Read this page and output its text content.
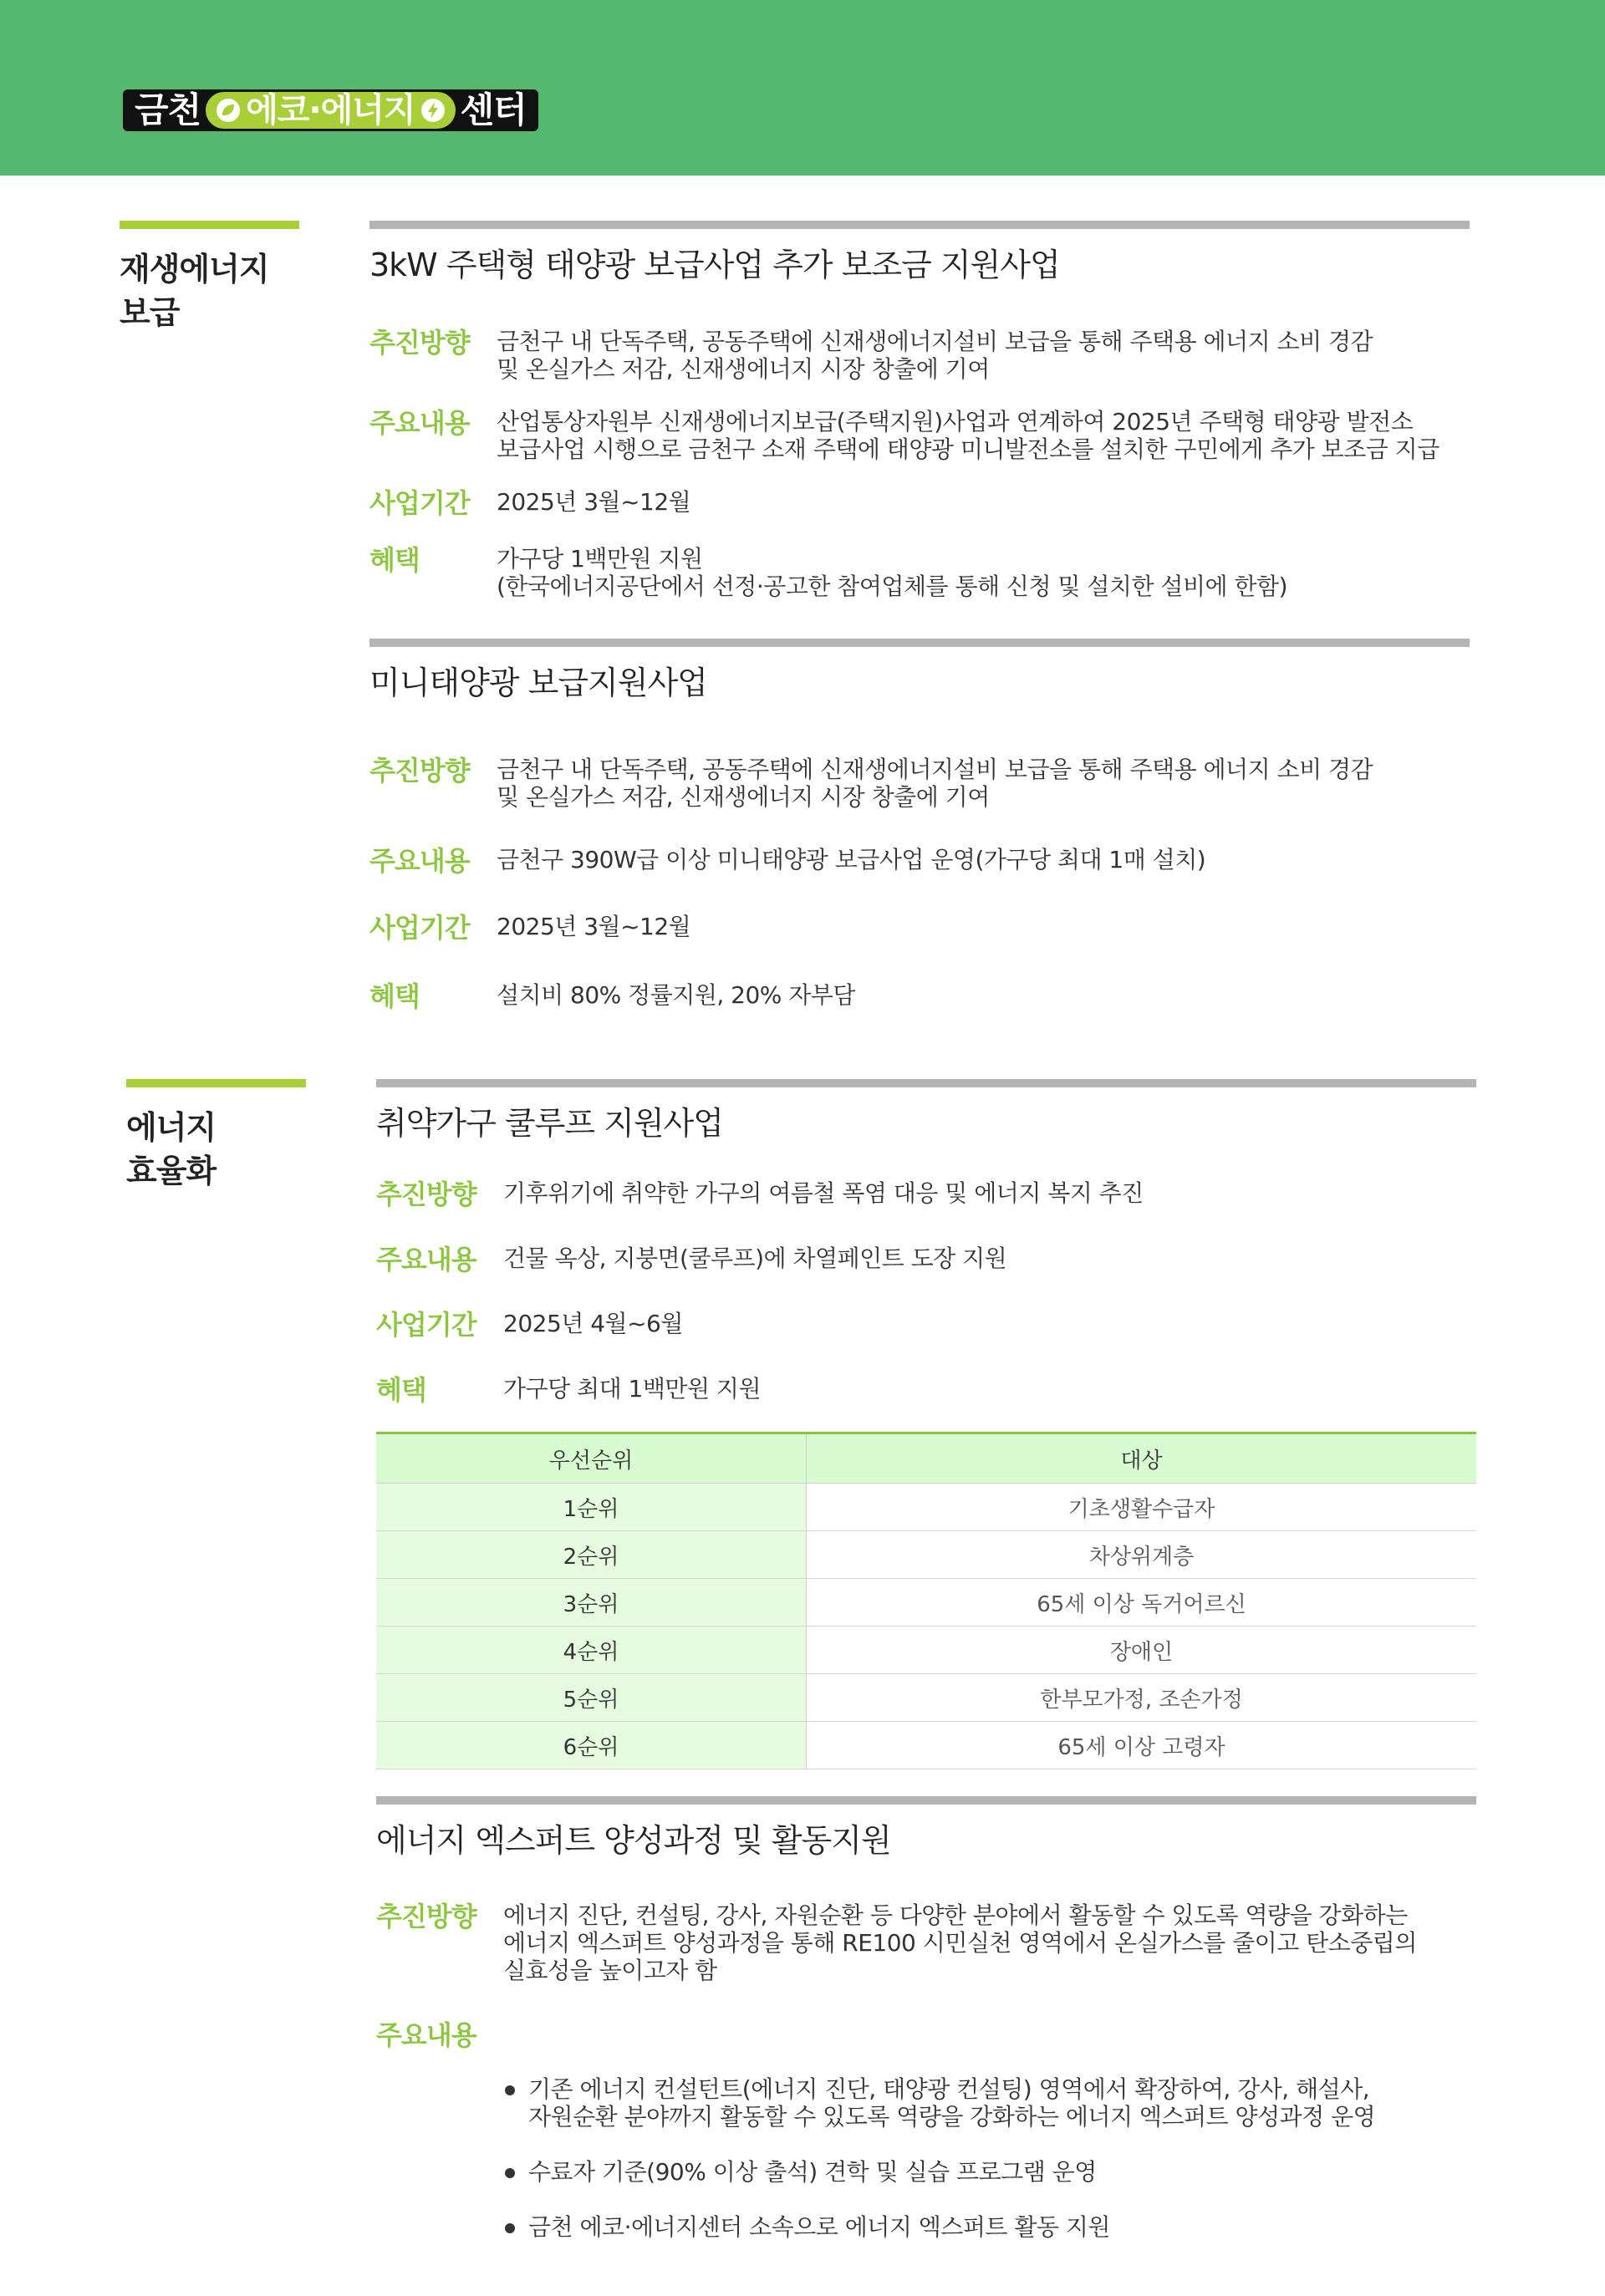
금천 에코·에너지 센터
재생에너지
보급
3kW 주택형 태양광 보급사업 추가 보조금 지원사업
추진방향	금천구 내 단독주택, 공동주택에 신재생에너지설비 보급을 통해 주택용 에너지 소비 경감
및 온실가스 저감, 신재생에너지 시장 창출에 기여
주요내용	산업통상자원부 신재생에너지보급(주택지원)사업과 연계하여 2025년 주택형 태양광 발전소
보급사업 시행으로 금천구 소재 주택에 태양광 미니발전소를 설치한 구민에게 추가 보조금 지급
사업기간	2025년 3월~12월
혜택	가구당 1백만원 지원
(한국에너지공단에서 선정·공고한 참여업체를 통해 신청 및 설치한 설비에 한함)
미니태양광 보급지원사업
추진방향	금천구 내 단독주택, 공동주택에 신재생에너지설비 보급을 통해 주택용 에너지 소비 경감
및 온실가스 저감, 신재생에너지 시장 창출에 기여
주요내용	금천구 390W급 이상 미니태양광 보급사업 운영(가구당 최대 1매 설치)
사업기간	2025년 3월~12월
혜택	설치비 80% 정률지원, 20% 자부담
에너지
효율화
취약가구 쿨루프 지원사업
추진방향	기후위기에 취약한 가구의 여름철 폭염 대응 및 에너지 복지 추진
주요내용	건물 옥상, 지붕면(쿨루프)에 차열페인트 도장 지원
사업기간	2025년 4월~6월
혜택	가구당 최대 1백만원 지원
우선순위	대상
1순위	기초생활수급자
2순위	차상위계층
3순위	65세 이상 독거어르신
4순위	장애인
5순위	한부모가정, 조손가정
6순위	65세 이상 고령자
에너지 엑스퍼트 양성과정 및 활동지원
추진방향	에너지 진단, 컨설팅, 강사, 자원순환 등 다양한 분야에서 활동할 수 있도록 역량을 강화하는
에너지 엑스퍼트 양성과정을 통해 RE100 시민실천 영역에서 온실가스를 줄이고 탄소중립의
실효성을 높이고자 함
주요내용

기존 에너지 컨설턴트(에너지 진단, 태양광 컨설팅) 영역에서 확장하여, 강사, 해설사,
자원순환 분야까지 활동할 수 있도록 역량을 강화하는 에너지 엑스퍼트 양성과정 운영

수료자 기준(90% 이상 출석) 견학 및 실습 프로그램 운영

금천 에코·에너지센터 소속으로 에너지 엑스퍼트 활동 지원
